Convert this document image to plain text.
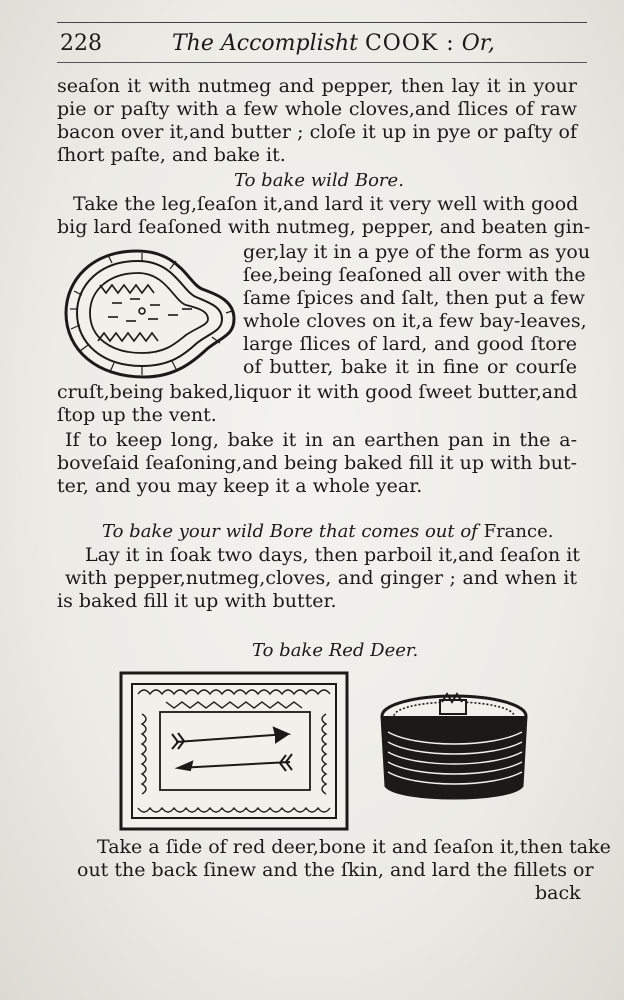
228	The Accomplisht COOK : Or,
seaſon it with nutmeg and pepper, then lay it in your
pie or paſty with a few whole cloves,and ſlices of raw
bacon over it,and butter ; cloſe it up in pye or paſty of
ſhort paſte, and bake it.
To bake wild Bore.
Take the leg,ſeaſon it,and lard it very well with good
big lard ſeaſoned with nutmeg, pepper, and beaten gin-
ger,lay it in a pye of the form as you
ſee,being ſeaſoned all over with the
ſame ſpices and ſalt, then put a few
whole cloves on it,a few bay-leaves,
large ſlices of lard, and good ſtore
of butter, bake it in fine or courſe
cruſt,being baked,liquor it with good ſweet butter,and
ſtop up the vent.
If to keep long, bake it in an earthen pan in the a-
boveſaid ſeaſoning,and being baked fill it up with but-
ter, and you may keep it a whole year.
To bake your wild Bore that comes out of France.
Lay it in ſoak two days, then parboil it,and ſeaſon it
with pepper,nutmeg,cloves, and ginger ; and when it
is baked fill it up with butter.
To bake Red Deer.
Take a ſide of red deer,bone it and ſeaſon it,then take
out the back ſinew and the ſkin, and lard the fillets or
back
